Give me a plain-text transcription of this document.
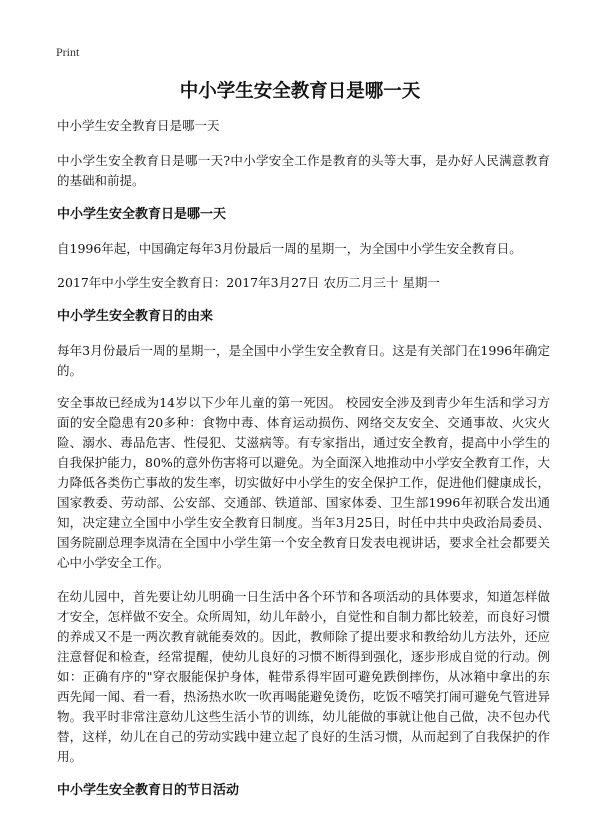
Print
中小学生安全教育日是哪一天

中小学生安全教育日是哪一天

中小学生安全教育日是哪一天?中小学安全工作是教育的头等大事，是办好人民满意教育的基础和前提。

中小学生安全教育日是哪一天

自1996年起，中国确定每年3月份最后一周的星期一，为全国中小学生安全教育日。

2017年中小学生安全教育日：2017年3月27日 农历二月三十 星期一

中小学生安全教育日的由来

每年3月份最后一周的星期一，是全国中小学生安全教育日。这是有关部门在1996年确定的。

安全事故已经成为14岁以下少年儿童的第一死因。 校园安全涉及到青少年生活和学习方面的安全隐患有20多种：食物中毒、体育运动损伤、网络交友安全、交通事故、火灾火险、溺水、毒品危害、性侵犯、艾滋病等。有专家指出，通过安全教育，提高中小学生的自我保护能力，80%的意外伤害将可以避免。为全面深入地推动中小学安全教育工作，大力降低各类伤亡事故的发生率，切实做好中小学生的安全保护工作，促进他们健康成长，国家教委、劳动部、公安部、交通部、铁道部、国家体委、卫生部1996年初联合发出通知，决定建立全国中小学生安全教育日制度。当年3月25日，时任中共中央政治局委员、国务院副总理李岚清在全国中小学生第一个安全教育日发表电视讲话，要求全社会都要关心中小学安全工作。

在幼儿园中，首先要让幼儿明确一日生活中各个环节和各项活动的具体要求，知道怎样做才安全，怎样做不安全。众所周知，幼儿年龄小，自觉性和自制力都比较差，而良好习惯的养成又不是一两次教育就能奏效的。因此，教师除了提出要求和教给幼儿方法外，还应注意督促和检查，经常提醒，使幼儿良好的习惯不断得到强化，逐步形成自觉的行动。例如：正确有序的"穿衣服能保护身体，鞋带系得牢固可避免跌倒摔伤，从冰箱中拿出的东西先闻一闻、看一看，热汤热水吹一吹再喝能避免烫伤，吃饭不嘻笑打闹可避免气管进异物。我平时非常注意幼儿这些生活小节的训练，幼儿能做的事就让他自己做，决不包办代替，这样，幼儿在自己的劳动实践中建立起了良好的生活习惯，从而起到了自我保护的作用。

中小学生安全教育日的节日活动
